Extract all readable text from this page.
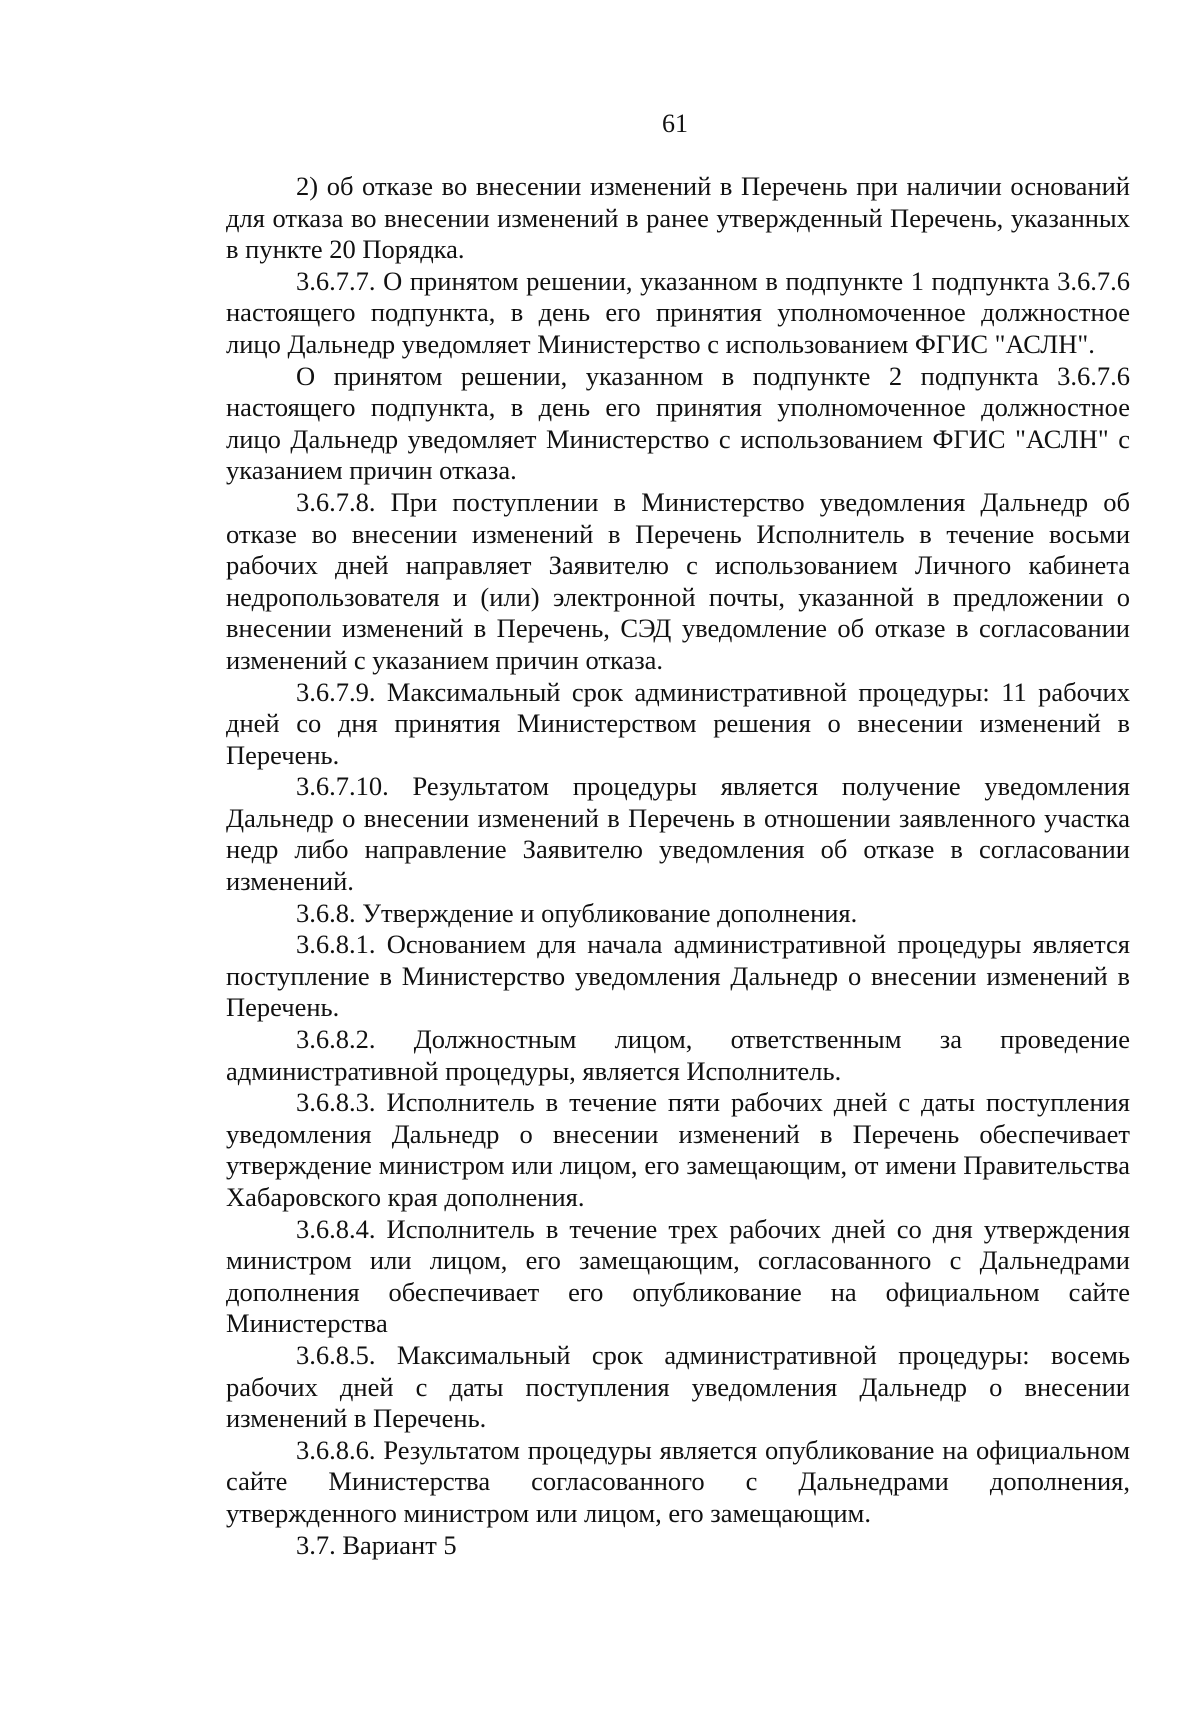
61

2) об отказе во внесении изменений в Перечень при наличии оснований для отказа во внесении изменений в ранее утвержденный Перечень, указанных в пункте 20 Порядка.

3.6.7.7. О принятом решении, указанном в подпункте 1 подпункта 3.6.7.6 настоящего подпункта, в день его принятия уполномоченное должностное лицо Дальнедр уведомляет Министерство с использованием ФГИС "АСЛН".

О принятом решении, указанном в подпункте 2 подпункта 3.6.7.6 настоящего подпункта, в день его принятия уполномоченное должностное лицо Дальнедр уведомляет Министерство с использованием ФГИС "АСЛН" с указанием причин отказа.

3.6.7.8. При поступлении в Министерство уведомления Дальнедр об отказе во внесении изменений в Перечень Исполнитель в течение восьми рабочих дней направляет Заявителю с использованием Личного кабинета недропользователя и (или) электронной почты, указанной в предложении о внесении изменений в Перечень, СЭД уведомление об отказе в согласовании изменений с указанием причин отказа.

3.6.7.9. Максимальный срок административной процедуры: 11 рабочих дней со дня принятия Министерством решения о внесении изменений в Перечень.

3.6.7.10. Результатом процедуры является получение уведомления Дальнедр о внесении изменений в Перечень в отношении заявленного участка недр либо направление Заявителю уведомления об отказе в согласовании изменений.

3.6.8. Утверждение и опубликование дополнения.

3.6.8.1. Основанием для начала административной процедуры является поступление в Министерство уведомления Дальнедр о внесении изменений в Перечень.

3.6.8.2. Должностным лицом, ответственным за проведение административной процедуры, является Исполнитель.

3.6.8.3. Исполнитель в течение пяти рабочих дней с даты поступления уведомления Дальнедр о внесении изменений в Перечень обеспечивает утверждение министром или лицом, его замещающим, от имени Правительства Хабаровского края дополнения.

3.6.8.4. Исполнитель в течение трех рабочих дней со дня утверждения министром или лицом, его замещающим, согласованного с Дальнедрами дополнения обеспечивает его опубликование на официальном сайте Министерства

3.6.8.5. Максимальный срок административной процедуры: восемь рабочих дней с даты поступления уведомления Дальнедр о внесении изменений в Перечень.

3.6.8.6. Результатом процедуры является опубликование на официальном сайте Министерства согласованного с Дальнедрами дополнения, утвержденного министром или лицом, его замещающим.

3.7. Вариант 5
